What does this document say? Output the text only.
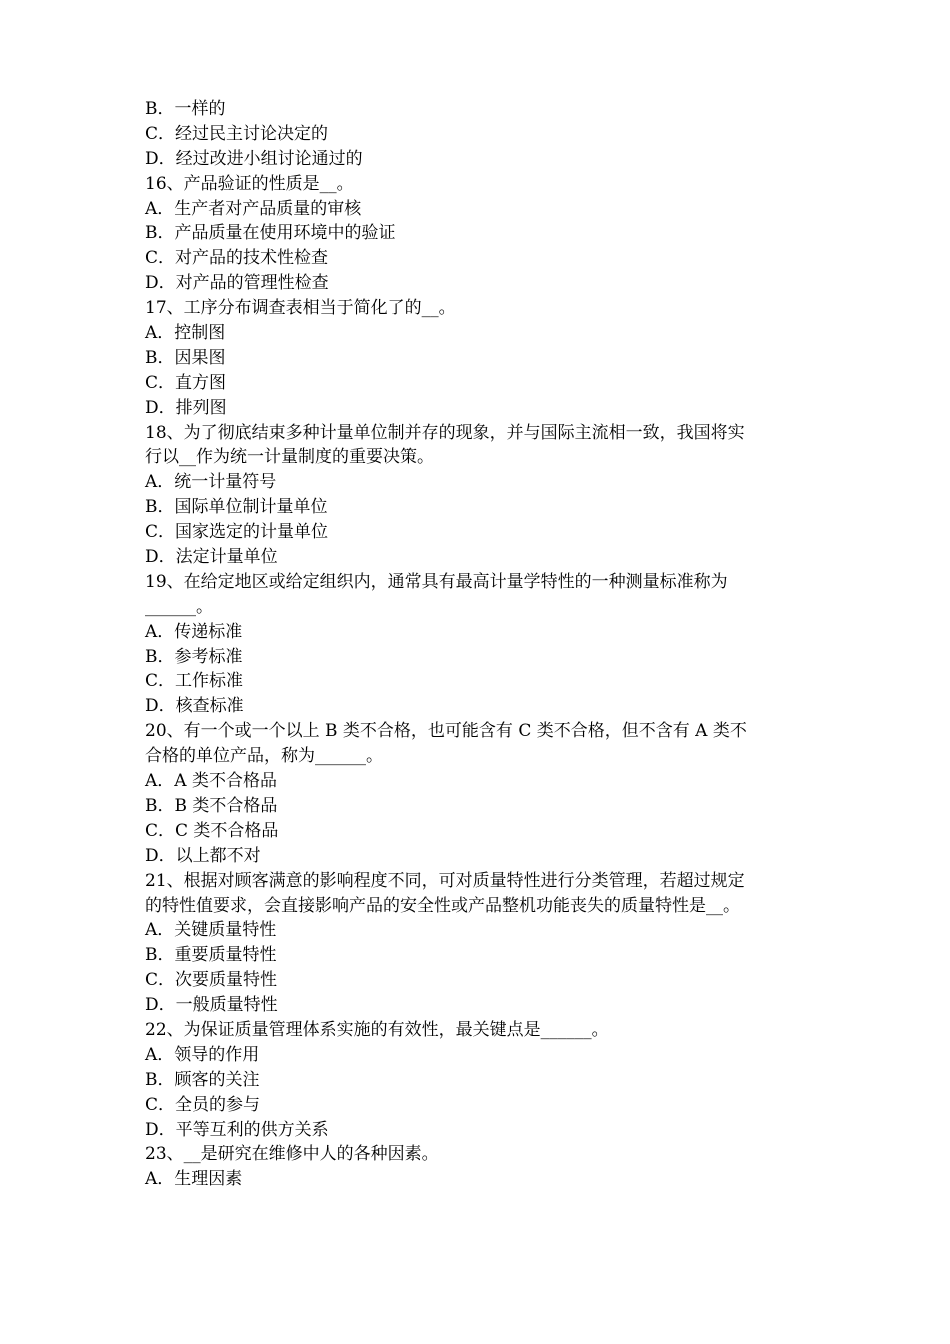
B．一样的
C．经过民主讨论决定的
D．经过改进小组讨论通过的
16、产品验证的性质是__。
A．生产者对产品质量的审核
B．产品质量在使用环境中的验证
C．对产品的技术性检查
D．对产品的管理性检查
17、工序分布调查表相当于简化了的__。
A．控制图
B．因果图
C．直方图
D．排列图
18、为了彻底结束多种计量单位制并存的现象，并与国际主流相一致，我国将实
行以__作为统一计量制度的重要决策。
A．统一计量符号
B．国际单位制计量单位
C．国家选定的计量单位
D．法定计量单位
19、在给定地区或给定组织内，通常具有最高计量学特性的一种测量标准称为
______。
A．传递标准
B．参考标准
C．工作标准
D．核查标准
20、有一个或一个以上 B 类不合格，也可能含有 C 类不合格，但不含有 A 类不
合格的单位产品，称为______。
A．A 类不合格品
B．B 类不合格品
C．C 类不合格品
D．以上都不对
21、根据对顾客满意的影响程度不同，可对质量特性进行分类管理，若超过规定
的特性值要求，会直接影响产品的安全性或产品整机功能丧失的质量特性是__。
A．关键质量特性
B．重要质量特性
C．次要质量特性
D．一般质量特性
22、为保证质量管理体系实施的有效性，最关键点是______。
A．领导的作用
B．顾客的关注
C．全员的参与
D．平等互利的供方关系
23、__是研究在维修中人的各种因素。
A．生理因素
